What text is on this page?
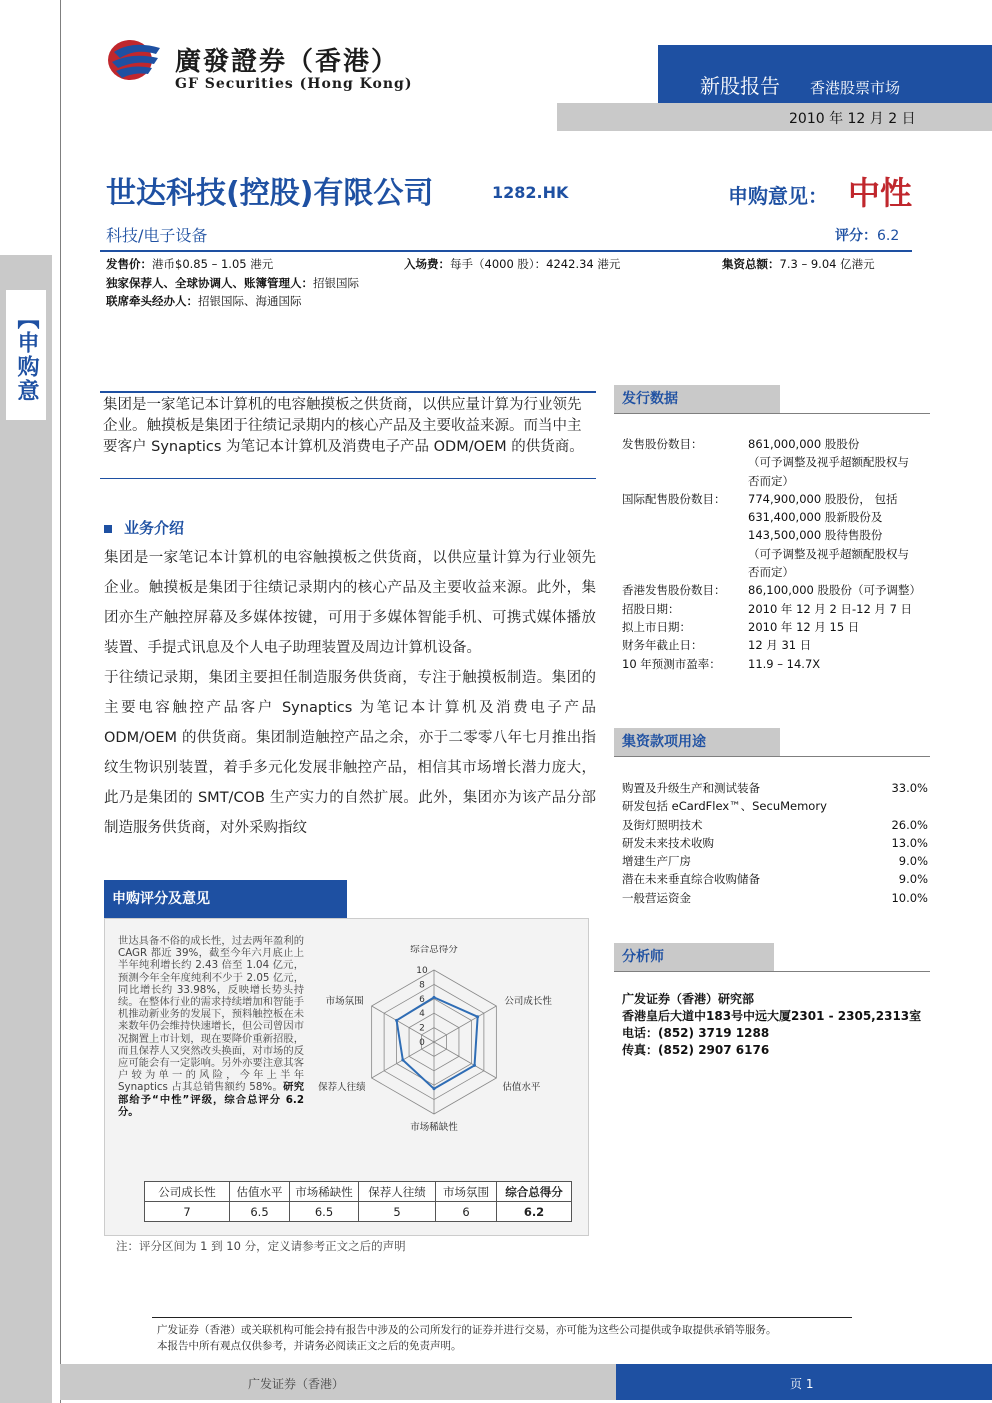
【申购意
廣發證券（香港）
GF Securities (Hong Kong)	新股报告 香港股票市场
2010 年 12 月 2 日
世达科技(控股)有限公司	1282.HK	申购意见： 中性
科技/电子设备	评分：6.2
发售价：港币$0.85 – 1.05 港元	入场费：每手（4000 股）：4242.34 港元	集资总额：7.3 – 9.04 亿港元
独家保荐人、全球协调人、账簿管理人：招银国际
联席牵头经办人：招银国际、海通国际
集团是一家笔记本计算机的电容触摸板之供货商，以供应量计算为行业领先企业。触摸板是集团于往绩记录期内的核心产品及主要收益来源。而当中主要客户 Synaptics 为笔记本计算机及消费电子产品 ODM/OEM 的供货商。
业务介绍

集团是一家笔记本计算机的电容触摸板之供货商，以供应量计算为行业领先企业。触摸板是集团于往绩记录期内的核心产品及主要收益来源。此外，集团亦生产触控屏幕及多媒体按键，可用于多媒体智能手机、可携式媒体播放装置、手提式讯息及个人电子助理装置及周边计算机设备。

于往绩记录期，集团主要担任制造服务供货商，专注于触摸板制造。集团的主要电容触控产品客户 Synaptics 为笔记本计算机及消费电子产品 ODM/OEM 的供货商。集团制造触控产品之余，亦于二零零八年七月推出指纹生物识别装置，着手多元化发展非触控产品，相信其市场增长潜力庞大，此乃是集团的 SMT/COB 生产实力的自然扩展。此外，集团亦为该产品分部制造服务供货商，对外采购指纹

发行数据
发售股份数目：	861,000,000 股股份
（可予调整及视乎超额配股权与
否而定）
国际配售股份数目： 774,900,000 股股份， 包括
631,400,000 股新股份及
143,500,000 股待售股份
（可予调整及视乎超额配股权与
否而定）
香港发售股份数目： 86,100,000 股股份（可予调整）
招股日期：	2010 年 12 月 2 日-12 月 7 日
拟上市日期：	2010 年 12 月 15 日
财务年截止日：	12 月 31 日
10 年预测市盈率： 11.9 – 14.7X
集资款项用途
购置及升级生产和测试装备	33.0%
研发包括 eCardFlex™、SecuMemory
及街灯照明技术	26.0%
研发未来技术收购	13.0%
增建生产厂房	9.0%
潜在未来垂直综合收购储备	9.0%
一般营运资金	10.0%
分析师
广发证券（香港）研究部
香港皇后大道中183号中远大厦2301 - 2305,2313室
电话：(852) 3719 1288
传真：(852) 2907 6176
申购评分及意见
世达具备不俗的成长性，过去两年盈利的 CAGR 都近 39%，截至今年六月底止上半年纯利增长约 2.43 倍至 1.04 亿元，预测今年全年度纯利不少于 2.05 亿元，同比增长约 33.98%，反映增长势头持续。在整体行业的需求持续增加和智能手机推动新业务的发展下，预料触控板在未来数年仍会维持快速增长，但公司曾因市况搁置上市计划，现在要降价重新招股，而且保荐人又突然改头换面，对市场的反应可能会有一定影响。另外亦要注意其客户较为单一的风险，今年上半年 Synaptics 占其总销售额约 58%。研究部给予“中性”评级，综合总评分 6.2 分。
0
2
4
6
8
10
综合总得分
公司成长性
估值水平
市场稀缺性
保荐人往绩
市场氛围
公司成长性	估值水平	市场稀缺性	保荐人往绩	市场氛围	综合总得分
7	6.5	6.5	5	6	6.2
注：评分区间为 1 到 10 分，定义请参考正文之后的声明
广发证券（香港）或关联机构可能会持有报告中涉及的公司所发行的证券并进行交易，亦可能为这些公司提供或争取提供承销等服务。
本报告中所有观点仅供参考，并请务必阅读正文之后的免责声明。
广发证券（香港）	页 1
